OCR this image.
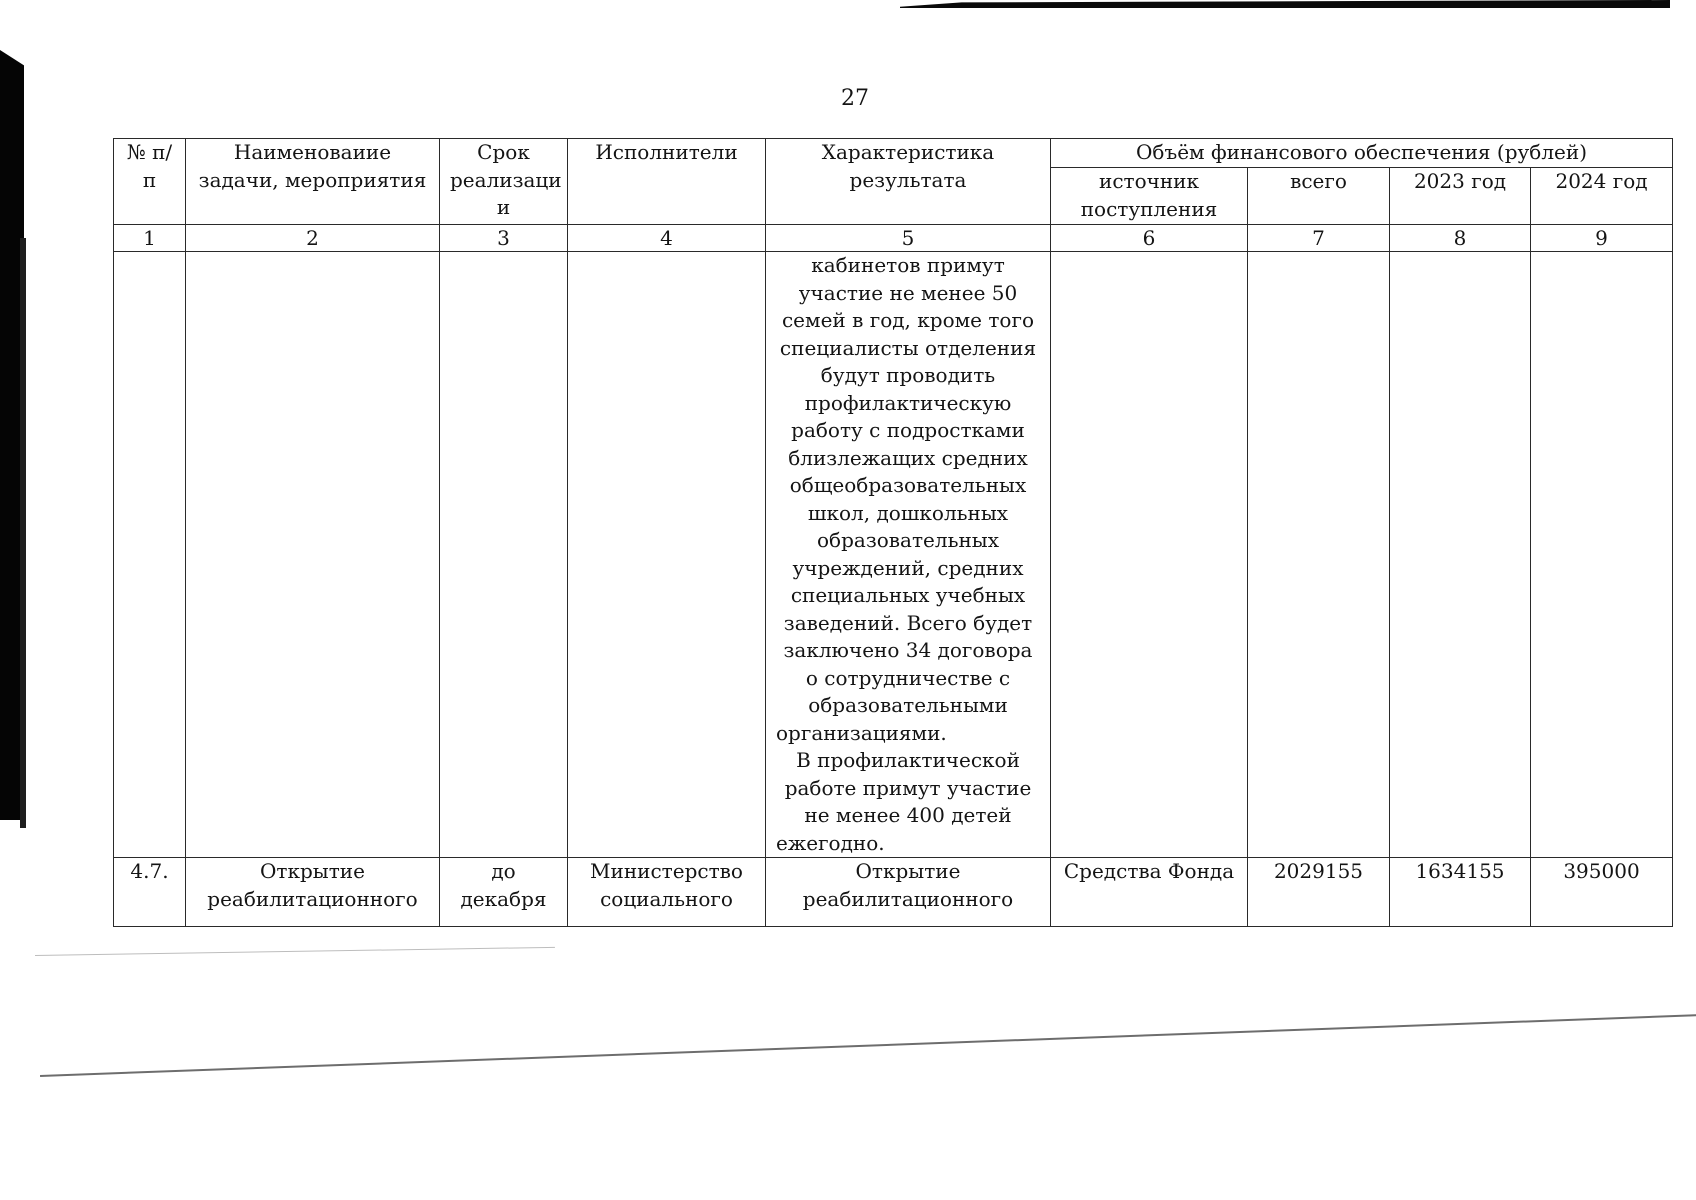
27
№ п/п	Наименоваиие задачи, мероприятия	Срок реализаци и	Исполнители	Характеристика результата	Объём финансового обеспечения (рублей)			
					источник поступления	всего	2023 год	2024 год
1	2	3	4	5	6	7	8	9

				кабинетов примут участие не менее 50 семей в год, кроме того специалисты отделения будут проводить профилактическую работу с подростками близлежащих средних общеобразовательных школ, дошкольных образовательных учреждений, средних специальных учебных заведений. Всего будет заключено 34 договора о сотрудничестве с образовательными организациями.
В профилактической работе примут участие не менее 400 детей ежегодно.				

4.7.	Открытие реабилитационного	до декабря	Министерство социального	Открытие реабилитационного	Средства Фонда	2029155	1634155	395000
